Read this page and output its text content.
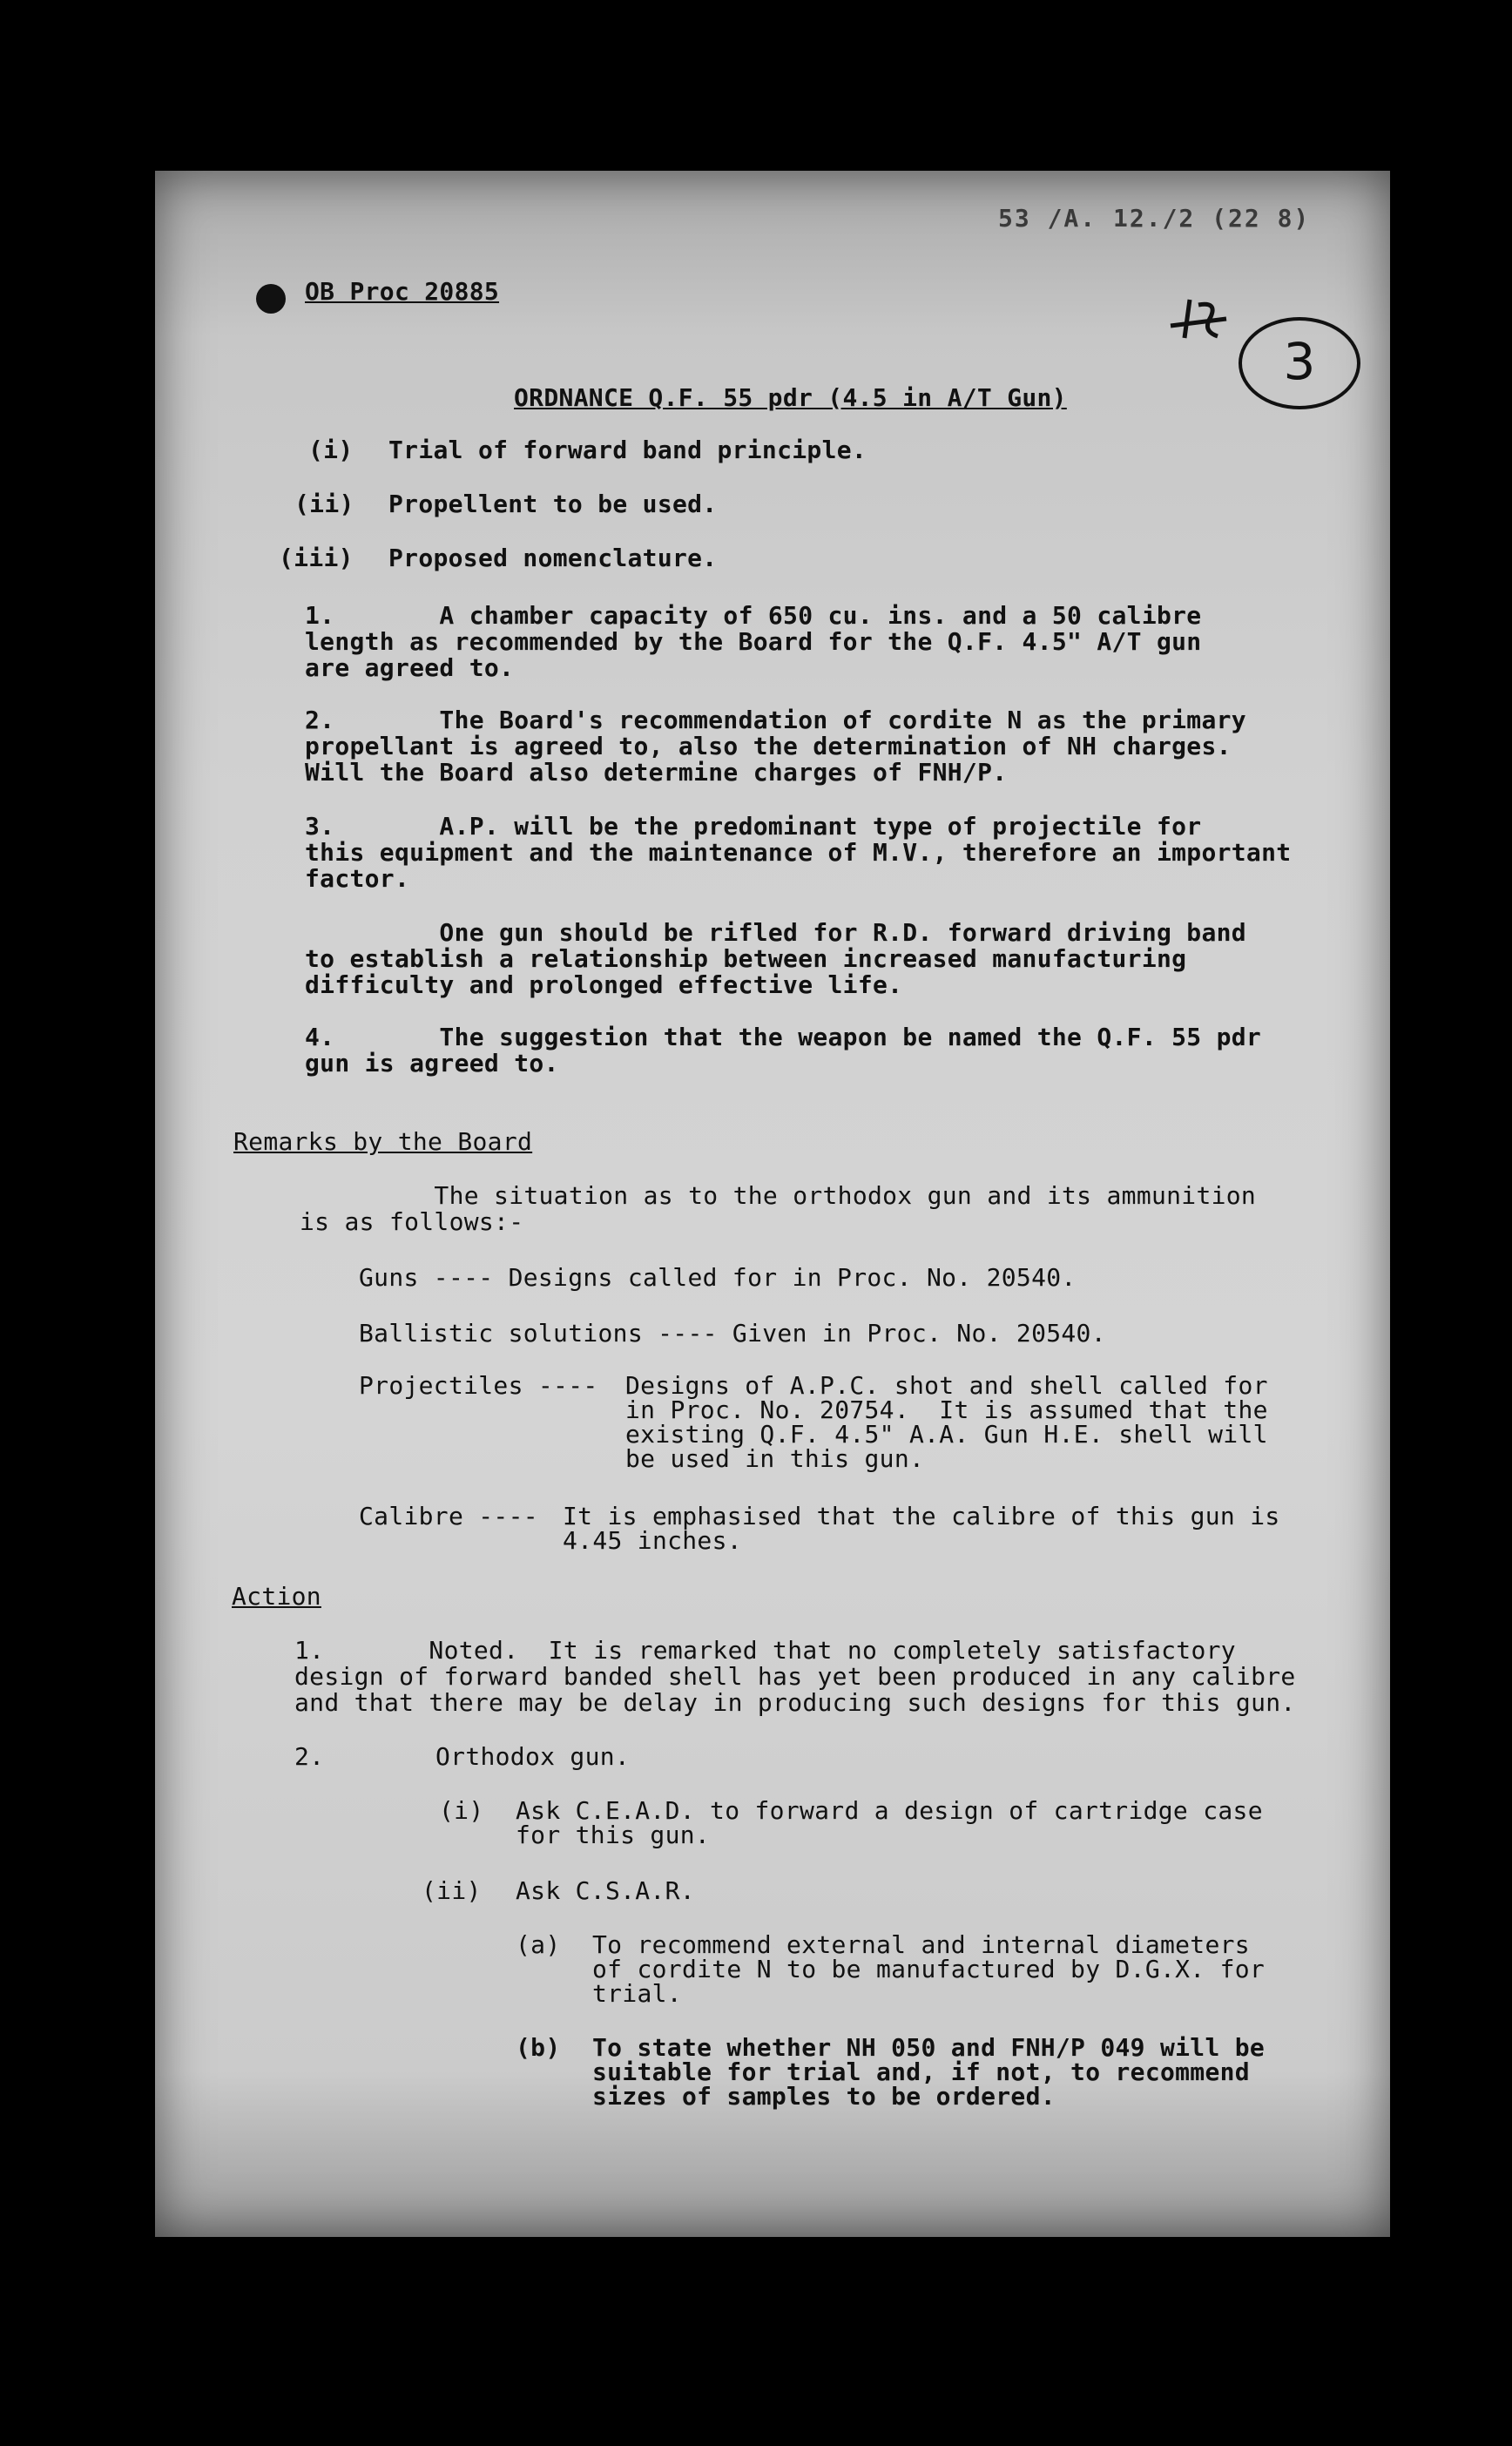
53 /A. 12./2 (22 8)
OB Proc 20885
3
ORDNANCE Q.F. 55 pdr (4.5 in A/T Gun)
(i) Trial of forward band principle.
(ii) Propellent to be used.
(iii) Proposed nomenclature.
1.       A chamber capacity of 650 cu. ins. and a 50 calibre
length as recommended by the Board for the Q.F. 4.5" A/T gun
are agreed to.
2.       The Board's recommendation of cordite N as the primary
propellant is agreed to, also the determination of NH charges.
Will the Board also determine charges of FNH/P.
3.       A.P. will be the predominant type of projectile for
this equipment and the maintenance of M.V., therefore an important
factor.
One gun should be rifled for R.D. forward driving band
to establish a relationship between increased manufacturing
difficulty and prolonged effective life.
4.       The suggestion that the weapon be named the Q.F. 55 pdr
gun is agreed to.
Remarks by the Board
The situation as to the orthodox gun and its ammunition
is as follows:-
Guns ---- Designs called for in Proc. No. 20540.
Ballistic solutions ---- Given in Proc. No. 20540.
Projectiles ---- Designs of A.P.C. shot and shell called for
in Proc. No. 20754.  It is assumed that the
existing Q.F. 4.5" A.A. Gun H.E. shell will
be used in this gun.
Calibre ---- It is emphasised that the calibre of this gun is
4.45 inches.
Action
1.       Noted.  It is remarked that no completely satisfactory
design of forward banded shell has yet been produced in any calibre
and that there may be delay in producing such designs for this gun.
2.	Orthodox gun.
(i) Ask C.E.A.D. to forward a design of cartridge case
for this gun.
(ii) Ask C.S.A.R.
(a) To recommend external and internal diameters
of cordite N to be manufactured by D.G.X. for
trial.
(b) To state whether NH 050 and FNH/P 049 will be
suitable for trial and, if not, to recommend
sizes of samples to be ordered.
